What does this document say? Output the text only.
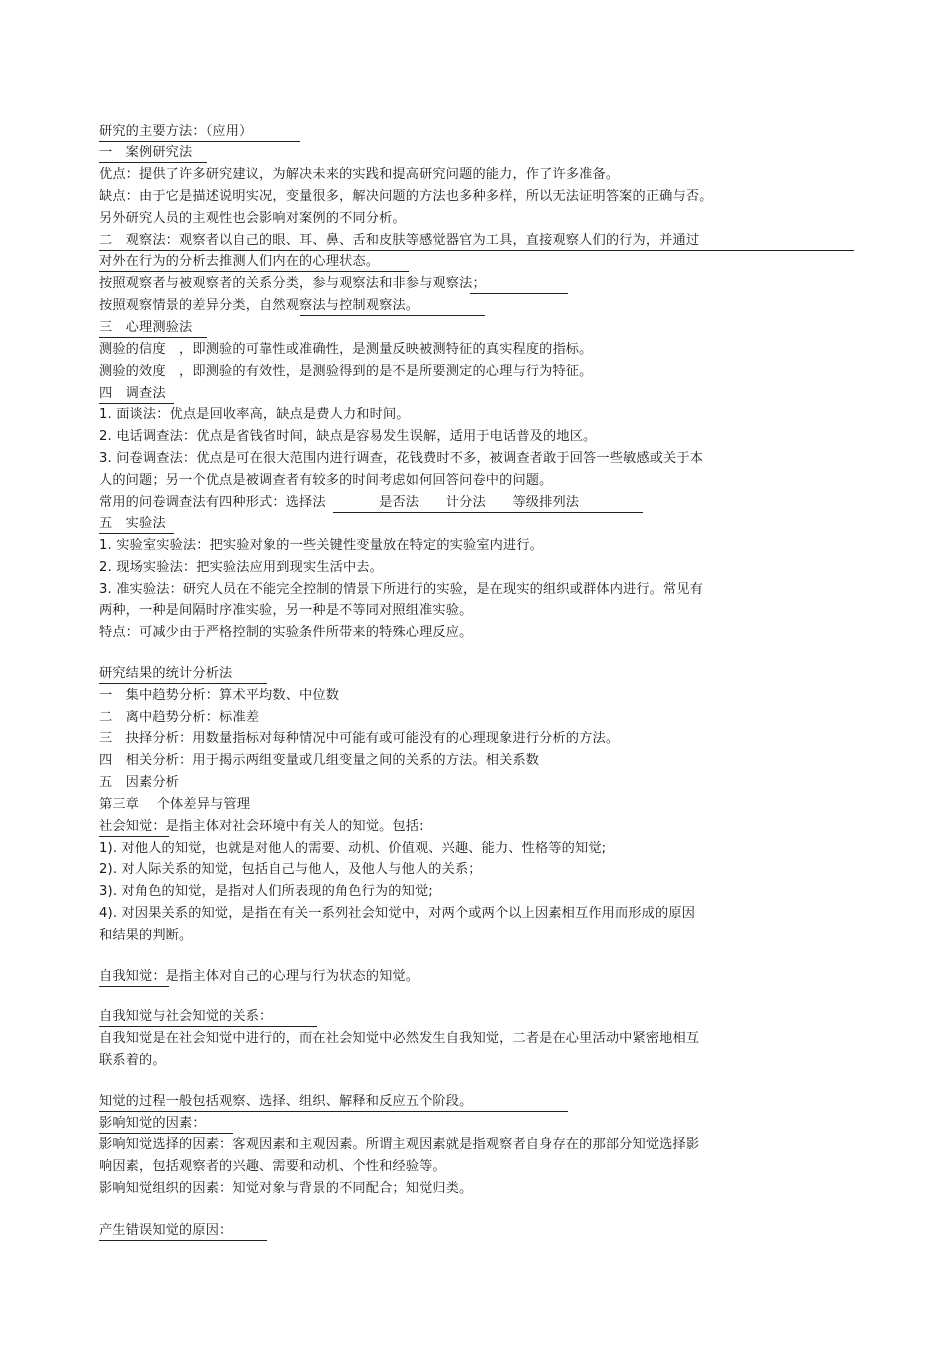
研究的主要方法：（应用）
一　案例研究法
优点：提供了许多研究建议，为解决未来的实践和提高研究问题的能力，作了许多准备。
缺点：由于它是描述说明实况，变量很多，解决问题的方法也多种多样，所以无法证明答案的正确与否。
另外研究人员的主观性也会影响对案例的不同分析。
二　观察法：观察者以自己的眼、耳、鼻、舌和皮肤等感觉器官为工具，直接观察人们的行为，并通过
对外在行为的分析去推测人们内在的心理状态。
按照观察者与被观察者的关系分类，参与观察法和非参与观察法；
按照观察情景的差异分类，自然观察法与控制观察法。
三　心理测验法
测验的信度　，即测验的可靠性或准确性，是测量反映被测特征的真实程度的指标。
测验的效度　，即测验的有效性，是测验得到的是不是所要测定的心理与行为特征。
四　调查法
1. 面谈法：优点是回收率高，缺点是费人力和时间。
2. 电话调查法：优点是省钱省时间，缺点是容易发生误解，适用于电话普及的地区。
3. 问卷调查法：优点是可在很大范围内进行调查，花钱费时不多，被调查者敢于回答一些敏感或关于本
人的问题；另一个优点是被调查者有较多的时间考虑如何回答问卷中的问题。
常用的问卷调查法有四种形式：选择法　　　　是否法　　计分法　　等级排列法
五　实验法
1. 实验室实验法：把实验对象的一些关键性变量放在特定的实验室内进行。
2. 现场实验法：把实验法应用到现实生活中去。
3. 准实验法：研究人员在不能完全控制的情景下所进行的实验，是在现实的组织或群体内进行。常见有
两种，一种是间隔时序准实验，另一种是不等同对照组准实验。
特点：可减少由于严格控制的实验条件所带来的特殊心理反应。
研究结果的统计分析法
一　集中趋势分析：算术平均数、中位数
二　离中趋势分析：标准差
三　抉择分析：用数量指标对每种情况中可能有或可能没有的心理现象进行分析的方法。
四　相关分析：用于揭示两组变量或几组变量之间的关系的方法。相关系数
五　因素分析
第三章　 个体差异与管理
社会知觉：是指主体对社会环境中有关人的知觉。包括:
1). 对他人的知觉，也就是对他人的需要、动机、价值观、兴趣、能力、性格等的知觉;
2). 对人际关系的知觉，包括自己与他人，及他人与他人的关系；
3). 对角色的知觉，是指对人们所表现的角色行为的知觉;
4). 对因果关系的知觉，是指在有关一系列社会知觉中，对两个或两个以上因素相互作用而形成的原因
和结果的判断。
自我知觉：是指主体对自己的心理与行为状态的知觉。
自我知觉与社会知觉的关系：
自我知觉是在社会知觉中进行的，而在社会知觉中必然发生自我知觉，二者是在心里活动中紧密地相互
联系着的。
知觉的过程一般包括观察、选择、组织、解释和反应五个阶段。
影响知觉的因素：
影响知觉选择的因素：客观因素和主观因素。所谓主观因素就是指观察者自身存在的那部分知觉选择影
响因素，包括观察者的兴趣、需要和动机、个性和经验等。
影响知觉组织的因素：知觉对象与背景的不同配合；知觉归类。
产生错误知觉的原因：
